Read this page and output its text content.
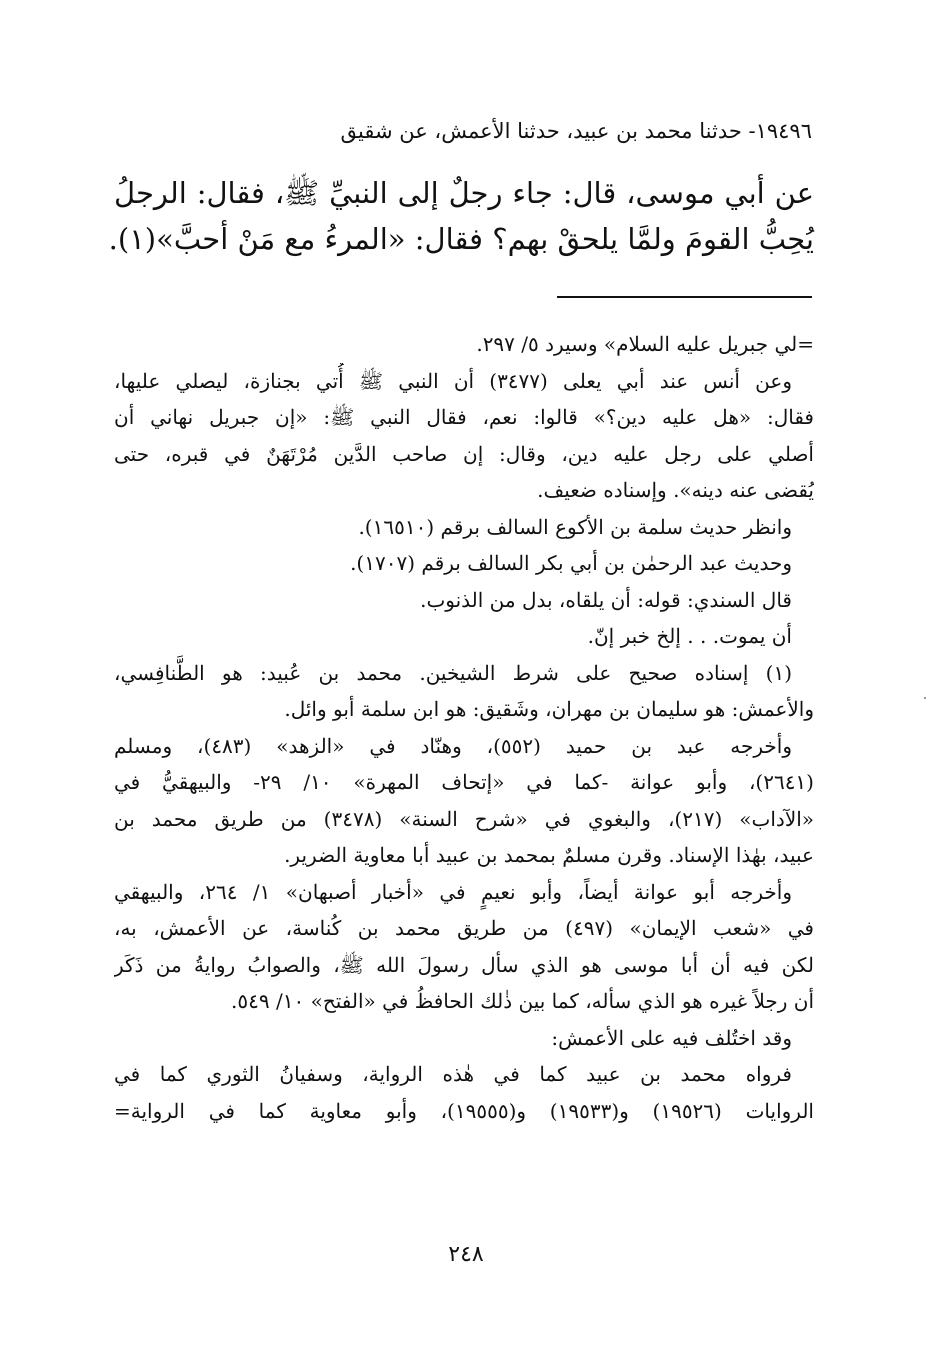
١٩٤٩٦- حدثنا محمد بن عبيد، حدثنا الأعمش، عن شقيق
عن أبي موسى، قال: جاء رجلٌ إلى النبيِّ ﷺ، فقال: الرجلُ
يُحِبُّ القومَ ولمَّا يلحقْ بهم؟ فقال: «المرءُ مع مَنْ أحبَّ»(١).
=لي جبريل عليه السلام» وسيرد ٥/ ٢٩٧.
وعن أنس عند أبي يعلى (٣٤٧٧) أن النبي ﷺ أُتي بجنازة، ليصلي عليها،
فقال: «هل عليه دين؟» قالوا: نعم، فقال النبي ﷺ: «إن جبريل نهاني أن
أصلي على رجل عليه دين، وقال: إن صاحب الدَّين مُرْتَهَنٌ في قبره، حتى
يُقضى عنه دينه». وإسناده ضعيف.
وانظر حديث سلمة بن الأكوع السالف برقم (١٦٥١٠).
وحديث عبد الرحمٰن بن أبي بكر السالف برقم (١٧٠٧).
قال السندي: قوله: أن يلقاه، بدل من الذنوب.
أن يموت. . . إلخ خبر إنّ.
(١) إسناده صحيح على شرط الشيخين. محمد بن عُبيد: هو الطَّنافِسي،
والأعمش: هو سليمان بن مهران، وشَقيق: هو ابن سلمة أبو وائل.
وأخرجه عبد بن حميد (٥٥٢)، وهنّاد في «الزهد» (٤٨٣)، ومسلم
(٢٦٤١)، وأبو عوانة -كما في «إتحاف المهرة» ١٠/ ٢٩- والبيهقيُّ في
«الآداب» (٢١٧)، والبغوي في «شرح السنة» (٣٤٧٨) من طريق محمد بن
عبيد، بهٰذا الإسناد. وقرن مسلمٌ بمحمد بن عبيد أبا معاوية الضرير.
وأخرجه أبو عوانة أيضاً، وأبو نعيمٍ في «أخبار أصبهان» ١/ ٢٦٤، والبيهقي
في «شعب الإيمان» (٤٩٧) من طريق محمد بن كُناسة، عن الأعمش، به،
لكن فيه أن أبا موسى هو الذي سأل رسولَ الله ﷺ، والصوابُ روايةُ من ذَكَر
أن رجلاً غيره هو الذي سأله، كما بين ذٰلك الحافظُ في «الفتح» ١٠/ ٥٤٩.
وقد اختُلف فيه على الأعمش:
فرواه محمد بن عبيد كما في هٰذه الرواية، وسفيانُ الثوري كما في
الروايات (١٩٥٢٦) و(١٩٥٣٣) و(١٩٥٥٥)، وأبو معاوية كما في الرواية=
٢٤٨
